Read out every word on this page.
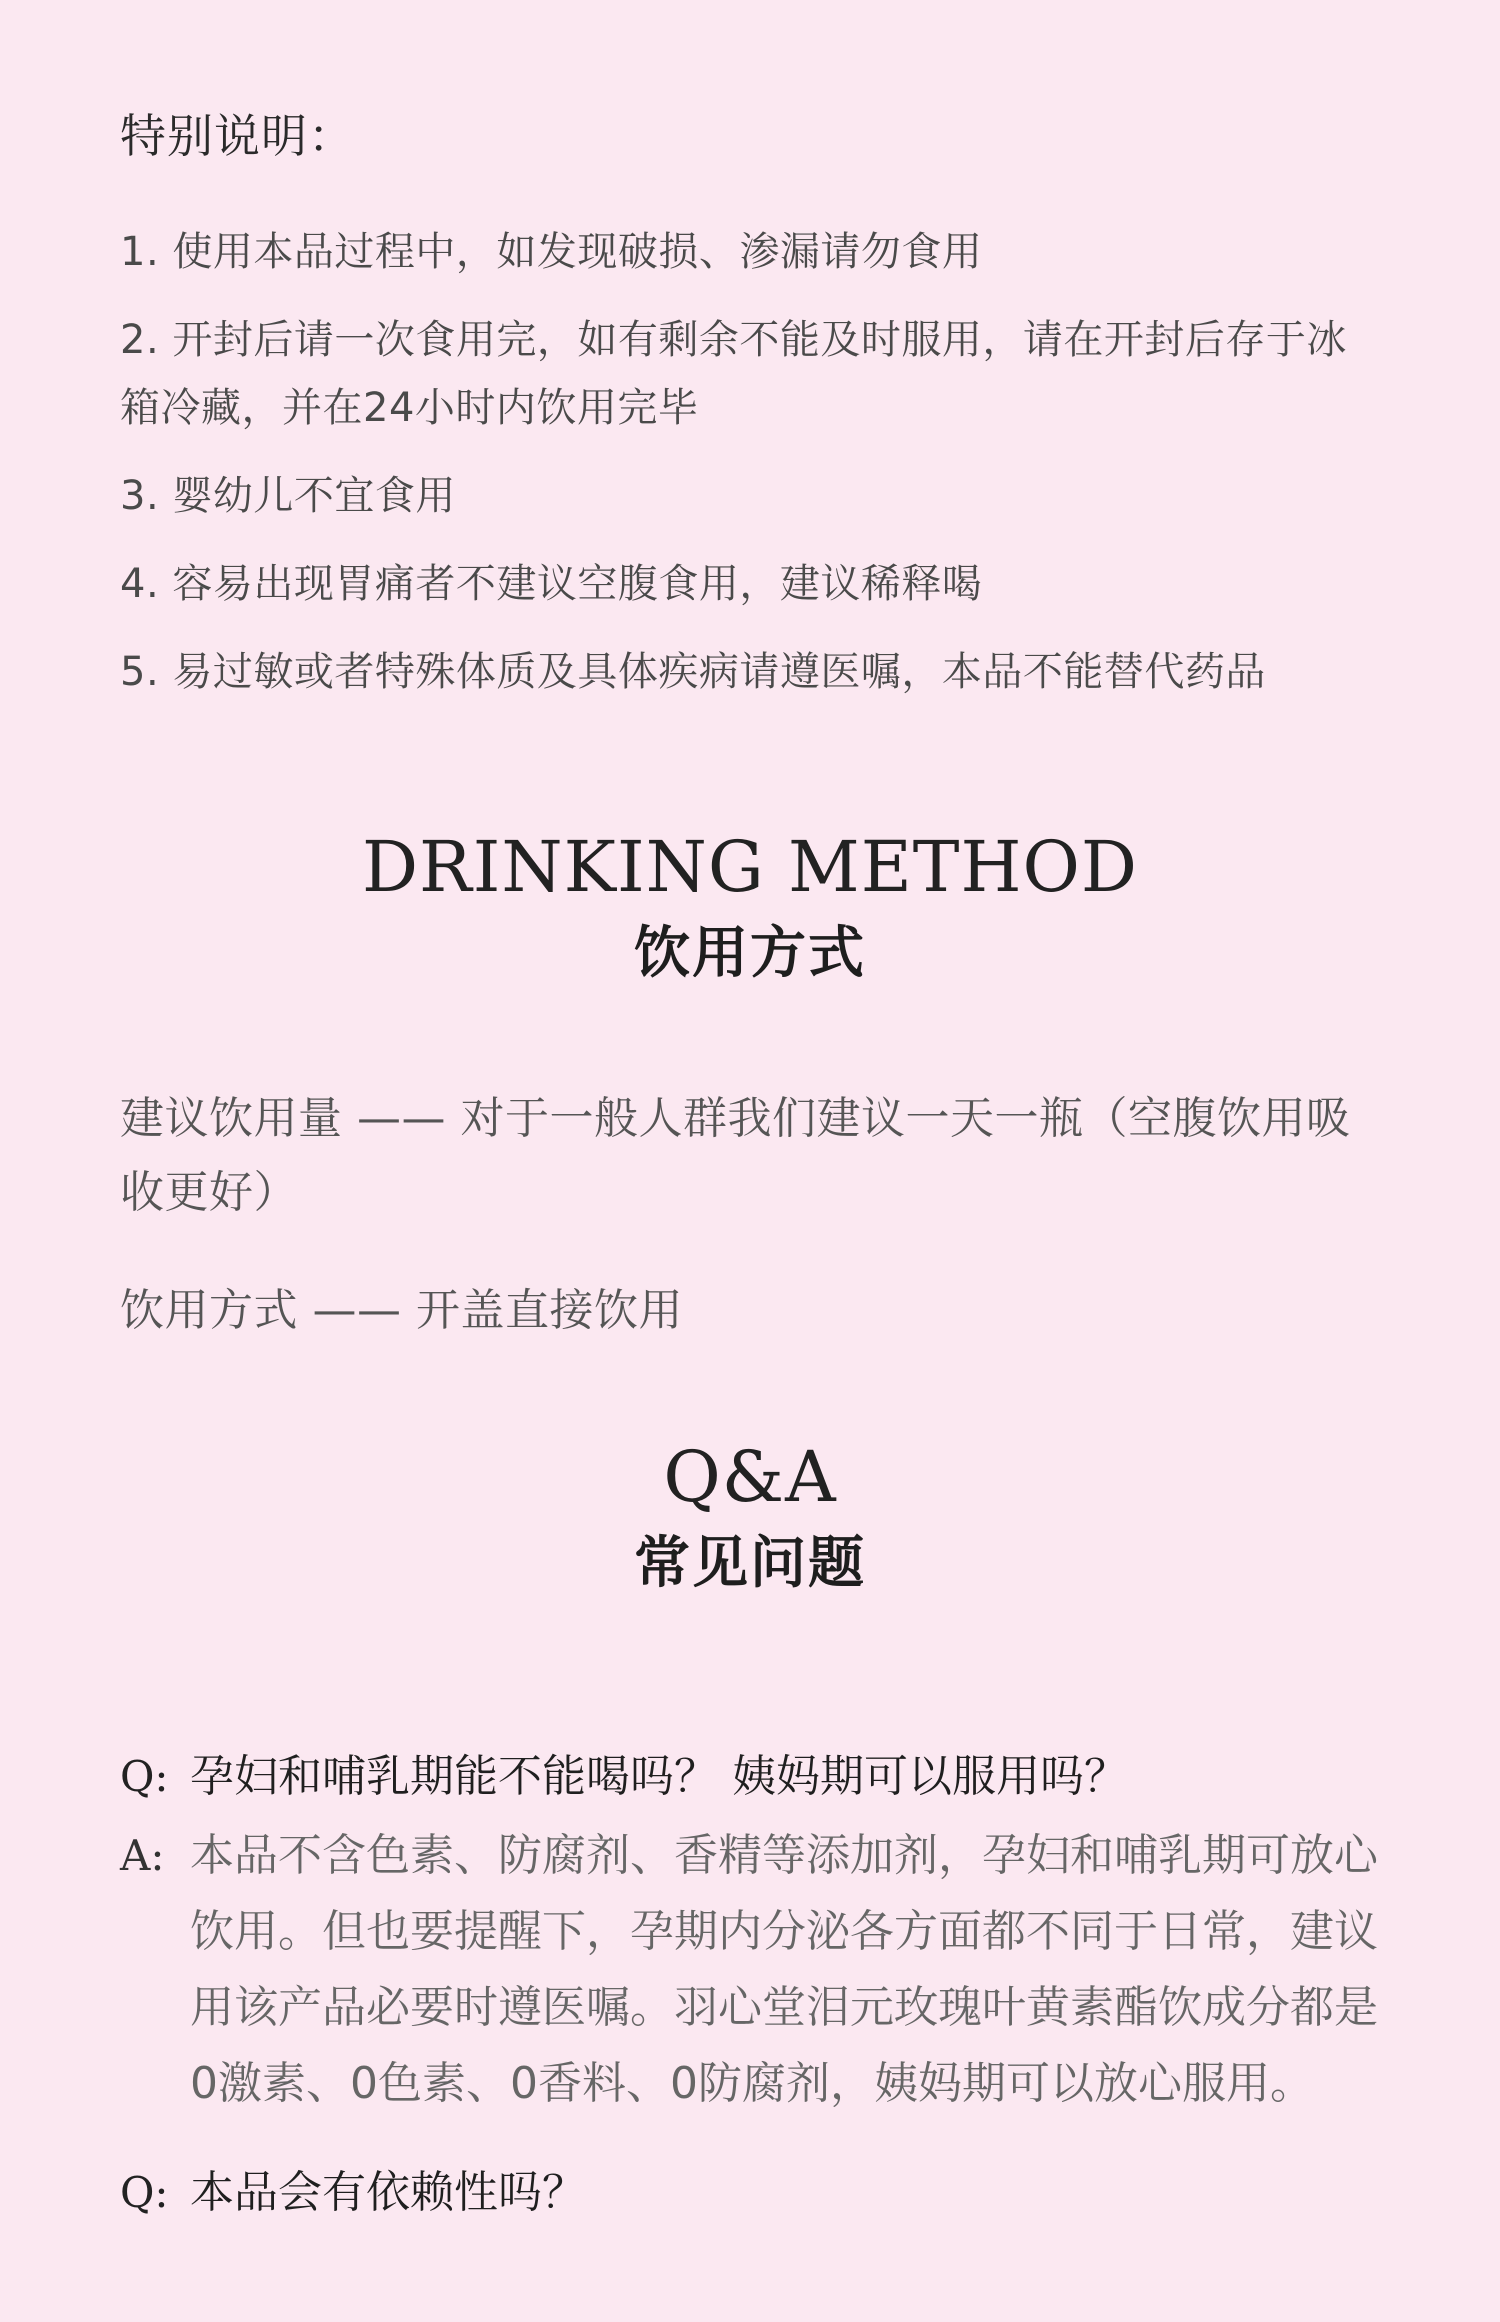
特别说明：
1. 使用本品过程中，如发现破损、渗漏请勿食用
2. 开封后请一次食用完，如有剩余不能及时服用，请在开封后存于冰箱冷藏，并在24小时内饮用完毕
3. 婴幼儿不宜食用
4. 容易出现胃痛者不建议空腹食用，建议稀释喝
5. 易过敏或者特殊体质及具体疾病请遵医嘱，本品不能替代药品
DRINKING METHOD
饮用方式
建议饮用量 —— 对于一般人群我们建议一天一瓶（空腹饮用吸收更好）
饮用方式 —— 开盖直接饮用
Q&A
常见问题
Q: 孕妇和哺乳期能不能喝吗？ 姨妈期可以服用吗？
A: 本品不含色素、防腐剂、香精等添加剂，孕妇和哺乳期可放心饮用。但也要提醒下，孕期内分泌各方面都不同于日常，建议用该产品必要时遵医嘱。羽心堂泪元玫瑰叶黄素酯饮成分都是0激素、0色素、0香料、0防腐剂，姨妈期可以放心服用。
Q: 本品会有依赖性吗？
